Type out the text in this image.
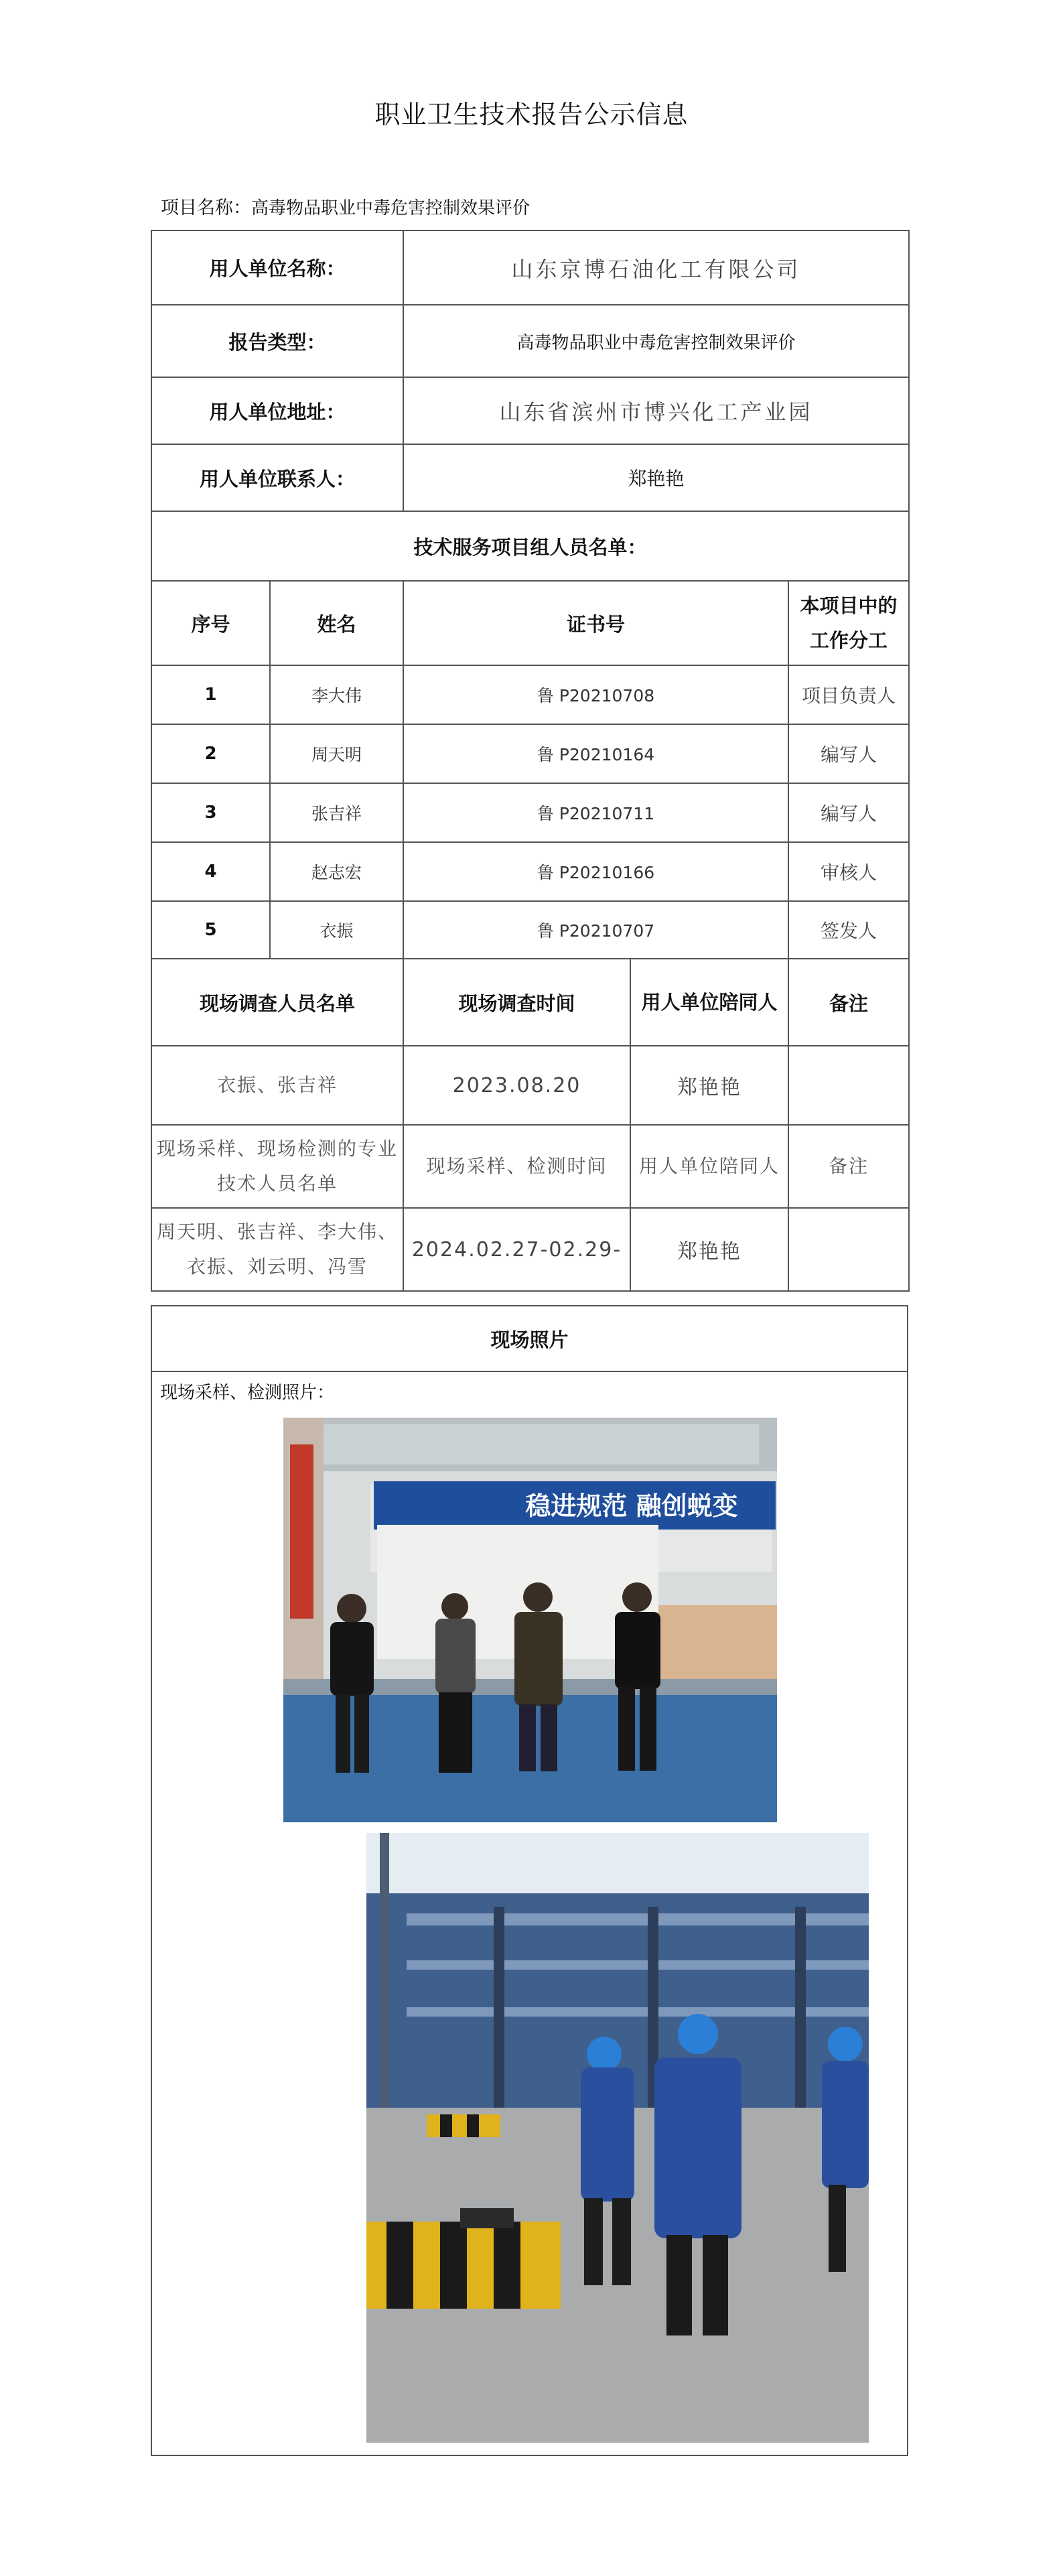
职业卫生技术报告公示信息
项目名称：高毒物品职业中毒危害控制效果评价
用人单位名称：		山东京博石油化工有限公司		
报告类型：		高毒物品职业中毒危害控制效果评价		
用人单位地址：		山东省滨州市博兴化工产业园		
用人单位联系人：		郑艳艳		
技术服务项目组人员名单：				
序号	姓名	证书号		本项目中的工作分工
1	李大伟	鲁 P20210708		项目负责人
2	周天明	鲁 P20210164		编写人
3	张吉祥	鲁 P20210711		编写人
4	赵志宏	鲁 P20210166		审核人
5	衣振	鲁 P20210707		签发人
现场调查人员名单		现场调查时间	用人单位陪同人	备注
衣振、张吉祥		2023.08.20	郑艳艳	
现场采样、现场检测的专业技术人员名单		现场采样、检测时间	用人单位陪同人	备注
周天明、张吉祥、李大伟、衣振、刘云明、冯雪		2024.02.27-02.29-	郑艳艳	
现场照片
现场采样、检测照片：
稳进规范 融创蜕变
